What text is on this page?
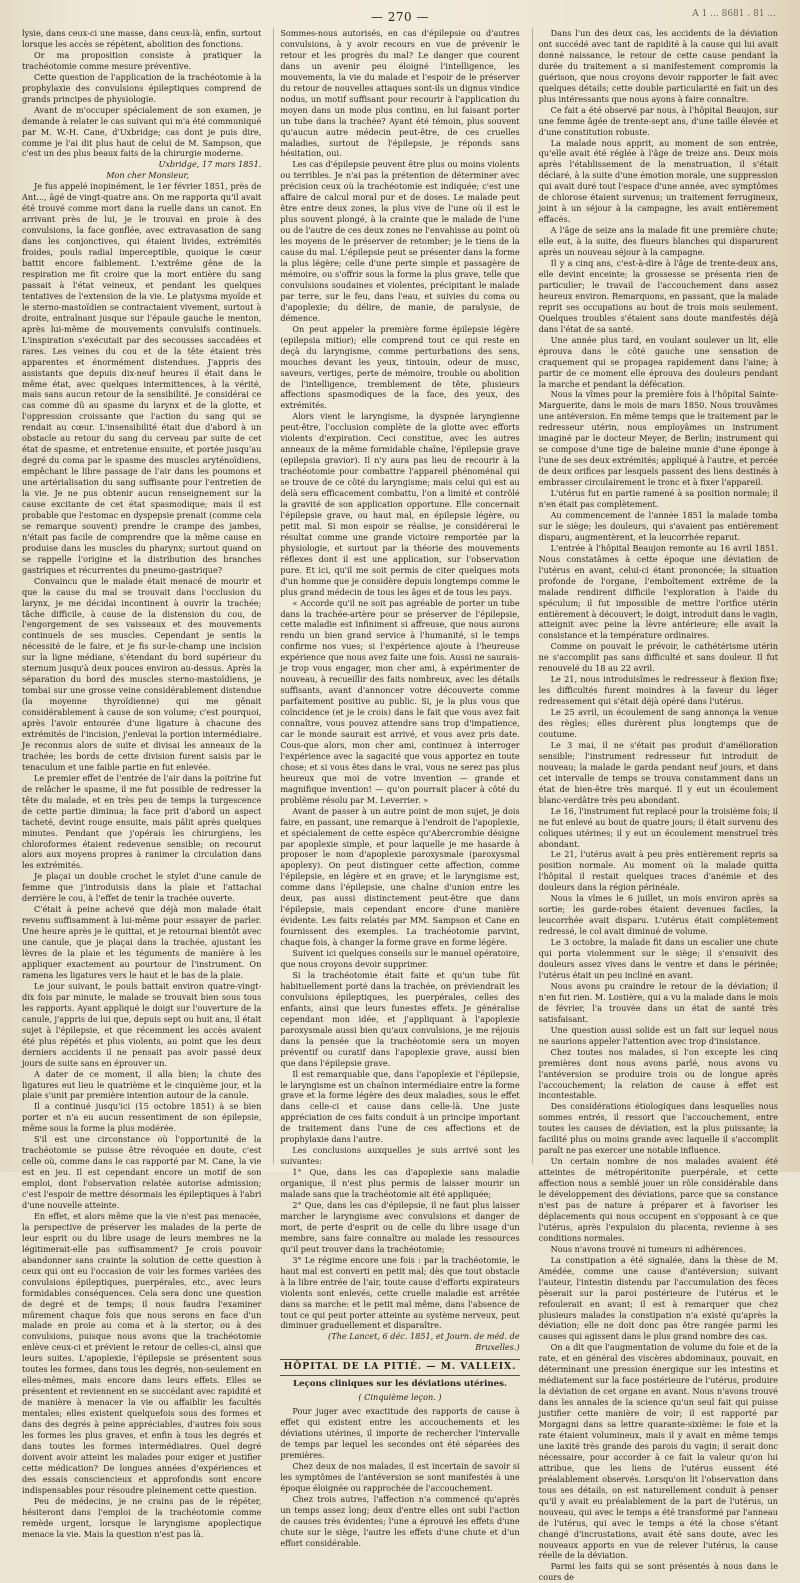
— 270 —	A 1 ... 8681 . 81 ...

lysie, dans ceux-ci une masse, dans ceux-là, enfin, surtout lorsque les accès se répètent, abolition des fonctions.

Or ma proposition consiste à pratiquer la trachéotomie comme mesure préventive.

Cette question de l'application de la trachéotomie à la prophylaxie des convulsions épileptiques comprend de grands principes de physiologie.

Avant de m'occuper spécialement de son examen, je demande à relater le cas suivant qui m'a été communiqué par M. W.-H. Cane, d'Uxbridge; cas dont je puis dire, comme je l'ai dit plus haut de celui de M. Sampson, que c'est un des plus beaux faits de la chirurgie moderne.

Uxbridge, 17 mars 1851.

Mon cher Monsieur,

Je fus appelé inopinément, le 1er février 1851, près de Ant..., âgé de vingt-quatre ans. On me rapporta qu'il avait été trouvé comme mort dans la ruelle dans un canot. En arrivant près de lui, je le trouvai en proie à des convulsions, la face gonflée, avec extravasation de sang dans les conjonctives, qui étaient livides, extrémités froides, pouls radial imperceptible, quoique le cœur battit encore faiblement. L'extrême gêne de la respiration me fit croire que la mort entière du sang passait à l'état veineux, et pendant les quelques tentatives de l'extension de la vie. Le platysma myoïde et le sterno-mastoïdien se contractaient vivement, surtout à droite, entraînant jusque sur l'épaule gauche le menton, après lui-même de mouvements convulsifs continuels. L'inspiration s'exécutait par des secousses saccadées et rares. Les veines du cou et de la tête étaient très apparentes et énormément distendues. J'appris des assistants que depuis dix-neuf heures il était dans le même état, avec quelques intermittences, à la vérité, mais sans aucun retour de la sensibilité. Je considérai ce cas comme dû au spasme du larynx et de la glotte, et l'oppression croissante que l'action du sang qui se rendait au cœur. L'insensibilité était due d'abord à un obstacle au retour du sang du cerveau par suite de cet état de spasme, et entretenue ensuite, et portée jusqu'au degré du coma par le spasme des muscles aryténoïdiens, empêchant le libre passage de l'air dans les poumons et une artérialisation du sang suffisante pour l'entretien de la vie. Je ne pus obtenir aucun renseignement sur la cause excitante de cet état spasmodique; mais il est probable que l'estomac en dyspepsie prenait (comme cela se remarque souvent) prendre le crampe des jambes, n'était pas facile de comprendre que la même cause en produise dans les muscles du pharynx; surtout quand on se rappelle l'origine et la distribution des branches gastriques et récurrentes du pneumo-gastrique?

Convaincu que le malade était menacé de mourir et que la cause du mal se trouvait dans l'occlusion du larynx, je me décidai incontinent à ouvrir la trachée; tâche difficile, à cause de la distension du cou, de l'engorgement de ses vaisseaux et des mouvements continuels de ses muscles. Cependant je sentis la nécessité de le faire, et je fis sur-le-champ une incision sur la ligne médiane, s'étendant du bord supérieur du sternum jusqu'à deux pouces environ au-dessus. Après la séparation du bord des muscles sterno-mastoïdiens, je tombai sur une grosse veine considérablement distendue (la moyenne thyroïdienne) qui me gênait considérablement à cause de son volume; c'est pourquoi, après l'avoir entourée d'une ligature à chacune des extrémités de l'incision, j'enlevai la portion intermédiaire. Je reconnus alors de suite et divisai les anneaux de la trachée; les bords de cette division furent saisis par le tenaculum et une faible partie en fut enlevée.

Le premier effet de l'entrée de l'air dans la poitrine fut de relâcher le spasme, il me fut possible de redresser la tête du malade, et en très peu de temps la turgescence de cette partie diminua; la face prit d'abord un aspect tacheté, devint rouge ensuite, mais pâlit après quelques minutes. Pendant que j'opérais les chirurgiens, les chloroformes étaient redevenue sensible; on recourut alors aux moyens propres à ranimer la circulation dans les extrémités.

Je plaçai un double crochet le stylet d'une canule de femme que j'introduisis dans la plaie et l'attachai derrière le cou, à l'effet de tenir la trachée ouverte.

C'était à peine achevé que déjà mon malade était revenu suffisamment à lui-même pour essayer de parler. Une heure après je le quittai, et je retournai bientôt avec une canule, que je plaçai dans la trachée, ajustant les lèvres de la plaie et les téguments de manière à les appliquer exactement au pourtour de l'instrument. On ramena les ligatures vers le haut et le bas de la plaie.

Le jour suivant, le pouls battait environ quatre-vingt-dix fois par minute, le malade se trouvait bien sous tous les rapports. Ayant appliqué le doigt sur l'ouverture de la canule, j'appris de lui que, depuis sept ou huit ans, il était sujet à l'épilepsie, et que récemment les accès avaient été plus répétés et plus violents, au point que les deux derniers accidents il ne pensait pas avoir passé deux jours de suite sans en éprouver un.

A dater de ce moment, il alla bien; la chute des ligatures eut lieu le quatrième et le cinquième jour, et la plaie s'unit par première intention autour de la canule.

Il a continué jusqu'ici (15 octobre 1851) à se bien porter et n'a eu aucun ressentiment de son épilepsie, même sous la forme la plus modérée.

S'il est une circonstance où l'opportunité de la trachéotomie se puisse être révoquée en doute, c'est celle où, comme dans le cas rapporté par M. Cane, la vie est en jeu. Il est cependant encore un motif de son emploi, dont l'observation relatée autorise admission; c'est l'espoir de mettre désormais les épileptiques à l'abri d'une nouvelle atteinte.

En effet, et alors même que la vie n'est pas menacée, la perspective de préserver les malades de la perte de leur esprit ou du libre usage de leurs membres ne la légitimerait-elle pas suffisamment? Je crois pouvoir abandonner sans crainte la solution de cette question à ceux qui ont eu l'occasion de voir les formes variées des convulsions épileptiques, puerpérales, etc., avec leurs formidables conséquences. Cela sera donc une question de degré et de temps; il nous faudra l'examiner mûrement chaque fois que nous serons en face d'un malade en proie au coma et à la stertor, ou à des convulsions, puisque nous avons que la trachéotomie enlève ceux-ci et prévient le retour de celles-ci, ainsi que leurs suites. L'apoplexie, l'épilepsie se présentent sous toutes les formes, dans tous les degrés, non-seulement en elles-mêmes, mais encore dans leurs effets. Elles se présentent et reviennent en se succédant avec rapidité et de manière à menacer la vie ou affaiblir les facultés mentales; elles existent quelquefois sous des formes et dans des degrés à peine appréciables, d'autres fois sous les formes les plus graves, et enfin à tous les degrés et dans toutes les formes intermédiaires. Quel degré doivent avoir atteint les malades pour exiger et justifier cette médication? De longues années d'expériences et des essais consciencieux et approfondis sont encore indispensables pour résoudre pleinement cette question.

Peu de médecins, je ne crains pas de le répéter, hésiteront dans l'emploi de la trachéotomie comme remède urgent, lorsque le laryngisme apoplectique menace la vie. Mais la question n'est pas là.

Sommes-nous autorisés, en cas d'épilepsie ou d'autres convulsions, à y avoir recours en vue de prévenir le retour et les progrès du mal? Le danger que courent dans un avenir peu éloigné l'intelligence, les mouvements, la vie du malade et l'espoir de le préserver du retour de nouvelles attaques sont-ils un dignus vindice nodus, un motif suffisant pour recourir à l'application du moyen dans un mode plus continu, en lui faisant porter un tube dans la trachée? Ayant été témoin, plus souvent qu'aucun autre médecin peut-être, de ces cruelles maladies, surtout de l'épilepsie, je réponds sans hésitation, oui.

Les cas d'épilepsie peuvent être plus ou moins violents ou terribles. Je n'ai pas la prétention de déterminer avec précision ceux où la trachéotomie est indiquée; c'est une affaire de calcul moral pur et de doses. Le malade peut être entre deux zones, la plus vive de l'une où il est le plus souvent plongé, à la crainte que le malade de l'une ou de l'autre de ces deux zones ne l'envahisse au point où les moyens de le préserver de retomber; je le tiens de la cause du mal. L'épilepsie peut se présenter dans la forme la plus légère; celle d'une perte simple et passagère de mémoire, ou s'offrir sous la forme la plus grave, telle que convulsions soudaines et violentes, précipitant le malade par terre, sur le feu, dans l'eau, et suivies du coma ou d'apoplexie; du délire, de manie, de paralysie, de démence.

On peut appeler la première forme épilepsie légère (epilepsia mitior); elle comprend tout ce qui reste en deçà du laryngisme, comme perturbations des sens, mouches devant les yeux, tintouin, odeur de musc, saveurs, vertiges, perte de mémoire, trouble ou abolition de l'intelligence, tremblement de tête, plusieurs affections spasmodiques de la face, des yeux, des extrémités.

Alors vient le laryngisme, la dyspnée laryngienne peut-être, l'occlusion complète de la glotte avec efforts violents d'expiration. Ceci constitue, avec les autres anneaux de la même formidable chaîne, l'épilepsie grave (epilepsia gravior). Il n'y aura pas lieu de recourir à la trachéotomie pour combattre l'appareil phénoménal qui se trouve de ce côté du laryngisme; mais celui qui est au delà sera efficacement combattu, l'on a limité et contrôlé la gravité de son application opportune. Elle concernait l'épilepsie grave, ou haut mal, en épilepsie légère, ou petit mal. Si mon espoir se réalise, je considérerai le résultat comme une grande victoire remportée par la physiologie, et surtout par la théorie des mouvements réflexes dont il est une application, sur l'observation pure. Et ici, qu'il me soit permis de citer quelques mots d'un homme que je considère depuis longtemps comme le plus grand médecin de tous les âges et de tous les pays.

« Accorde qu'il ne soit pas agréable de porter un tube dans la trachée-artère pour se préserver de l'épilepsie, cette maladie est infiniment si affreuse, que nous aurons rendu un bien grand service à l'humanité, si le temps confirme nos vues; si l'expérience ajoute à l'heureuse expérience que nous avez faite une fois. Aussi ne saurais-je trop vous engager, mon cher ami, à expérimenter de nouveau, à recueillir des faits nombreux, avec les détails suffisants, avant d'annoncer votre découverte comme parfaitement positive au public. Si, je la plus vous que coïncidence (et je le crois) dans le fait que vous avez fait connaître, vous pouvez attendre sans trop d'impatience, car le monde saurait est arrivé, et vous avez pris date. Cous-que alors, mon cher ami, continuez à interroger l'expérience avec la sagacité que vous apportez en toute chose; et si vous êtes dans le vrai, vous ne serez pas plus heureux que moi de votre invention — grande et magnifique invention! — qu'on pourrait placer à côté du problème résolu par M. Leverrier. »

Avant de passer à un autre point de mon sujet, je dois faire, en passant, une remarque à l'endroit de l'apoplexie, et spécialement de cette espèce qu'Abercrombie désigne par apoplexie simple, et pour laquelle je me hasarde à proposer le nom d'apoplexie paroxysmale (paroxysmal apoplexy). On peut distinguer cette affection, comme l'épilepsie, en légère et en grave; et le laryngisme est, comme dans l'épilepsie, une chaîne d'union entre les deux, pas aussi distinctement peut-être que dans l'épilepsie, mais cependant encore d'une manière évidente. Les faits relatés par MM. Sampson et Cane en fournissent des exemples. La trachéotomie parvint, chaque fois, à changer la forme grave en forme légère.

Suivent ici quelques conseils sur le manuel opératoire, que nous croyons devoir supprimer.

Si la trachéotomie était faite et qu'un tube fût habituellement porté dans la trachée, on préviendrait les convulsions épileptiques, les puerpérales, celles des enfants, ainsi que leurs funestes effets. Je généralise cependant mon idée, et j'appliquant à l'apoplexie paroxysmale aussi bien qu'aux convulsions, je me réjouis dans la pensée que la trachéotomie sera un moyen préventif ou curatif dans l'apoplexie grave, aussi bien que dans l'épilepsie grave.

Il est remarquable que, dans l'apoplexie et l'épilepsie, le laryngisme est un chaînon intermédiaire entre la forme grave et la forme légère des deux maladies, sous le effet dans celle-ci et cause dans celle-là. Une juste appréciation de ces faits conduit à un principe important de traitement dans l'une de ces affections et de prophylaxie dans l'autre.

Les conclusions auxquelles je suis arrivé sont les suivantes:

1° Que, dans les cas d'apoplexie sans maladie organique, il n'est plus permis de laisser mourir un malade sans que la trachéotomie ait été appliquée;

2° Que, dans les cas d'épilepsie, il ne faut plus laisser marcher le laryngisme avec convulsions et danger de mort, de perte d'esprit ou de celle du libre usage d'un membre, sans faire connaître au malade les ressources qu'il peut trouver dans la trachéotomie;

3° Le régime encore une fois : par la trachéotomie, le haut mal est converti en petit mal; dès que tout obstacle à la libre entrée de l'air, toute cause d'efforts expirateurs violents sont enlevés, cette cruelle maladie est arrêtée dans sa marche: et le petit mal même, dans l'absence de tout ce qui peut porter atteinte au système nerveux, peut diminuer graduellement et disparaître.

(The Lancet, 6 déc. 1851, et Journ. de méd. de Bruxelles.)

HÔPITAL DE LA PITIÉ. — M. VALLEIX.
Leçons cliniques sur les déviations utérines.
( Cinquième leçon. )

Pour juger avec exactitude des rapports de cause à effet qui existent entre les accouchements et les déviations utérines, il importe de rechercher l'intervalle de temps par lequel les secondes ont été séparées des premières.

Chez deux de nos malades, il est incertain de savoir si les symptômes de l'antéversion se sont manifestés à une époque éloignée ou rapprochée de l'accouchement.

Chez trois autres, l'affection n'a commencé qu'après un temps assez long; deux d'entre elles ont subi l'action de causes très évidentes; l'une a éprouvé les effets d'une chute sur le siège, l'autre les effets d'une chute et d'un effort considérable.

Dans l'un des deux cas, les accidents de la déviation ont succédé avec tant de rapidité à la cause qui lui avait donné naissance, le retour de cette cause pendant la durée du traitement a si manifestement compromis la guérison, que nous croyons devoir rapporter le fait avec quelques détails; cette double particularité en fait un des plus intéressants que nous ayons à faire connaître.

Ce fait a été observé par nous, à l'hôpital Beaujon, sur une femme âgée de trente-sept ans, d'une taille élevée et d'une constitution robuste.

La malade nous apprit, au moment de son entrée, qu'elle avait été réglée à l'âge de treize ans. Deux mois après l'établissement de la menstruation, il s'était déclaré, à la suite d'une émotion morale, une suppression qui avait duré tout l'espace d'une année, avec symptômes de chlorose étaient survenus; un traitement ferrugineux, joint à un séjour à la campagne, les avait entièrement effacés.

A l'âge de seize ans la malade fit une première chute; elle eut, à la suite, des flueurs blanches qui disparurent après un nouveau séjour à la campagne.

Il y a cinq ans, c'est-à-dire à l'âge de trente-deux ans, elle devint enceinte; la grossesse se présenta rien de particulier; le travail de l'accouchement dans assez heureux environ. Remarquons, en passant, que la malade reprit ses occupations au bout de trois mois seulement. Quelques troubles s'étaient sans doute manifestés déjà dans l'état de sa santé.

Une année plus tard, en voulant soulever un lit, elle éprouva dans le côté gauche une sensation de craquement qui se propagea rapidement dans l'aine; à partir de ce moment elle éprouva des douleurs pendant la marche et pendant la défécation.

Nous la vîmes pour la première fois à l'hôpital Sainte-Marguerite, dans le mois de mars 1850. Nous trouvâmes une antéversion. En même temps que le traitement par le redresseur utérin, nous employâmes un instrument imaginé par le docteur Meyer, de Berlin; instrument qui se compose d'une tige de baleine munie d'une éponge à l'une de ses deux extrémités; appliqué à l'autre, et percée de deux orifices par lesquels passent des liens destinés à embrasser circulairement le tronc et à fixer l'appareil.

L'utérus fut en partie ramené à sa position normale; il n'en était pas complètement.

Au commencement de l'année 1851 la malade tomba sur le siège; les douleurs, qui s'avaient pas entièrement disparu, augmentèrent, et la leucorrhée reparut.

L'entrée à l'hôpital Beaujon remonte au 16 avril 1851. Nous constatâmes à cette époque une déviation de l'utérus en avant, celui-ci étant prononcée; la situation profonde de l'organe, l'emboîtement extrême de la malade rendirent difficile l'exploration à l'aide du spéculum; il fut impossible de mettre l'orifice utérin entièrement à découvert; le doigt, introduit dans le vagin, atteignit avec peine la lèvre antérieure; elle avait la consistance et la température ordinaires.

Comme on pouvait le prévoir, le cathétérisme utérin ne s'accomplit pas sans difficulté et sans douleur. Il fut renouvelé du 18 au 22 avril.

Le 21, nous introduisîmes le redresseur à flexion fixe; les difficultés furent moindres à la faveur du léger redressement qui s'était déjà opéré dans l'utérus.

Le 25 avril, un écoulement de sang annonça la venue des règles; elles durèrent plus longtemps que de coutume.

Le 3 mai, il ne s'était pas produit d'amélioration sensible; l'instrument redresseur fut introduit de nouveau; la malade le garda pendant neuf jours, et dans cet intervalle de temps se trouva constamment dans un état de bien-être très marqué. Il y eut un écoulement blanc-verdâtre très peu abondant.

Le 16, l'instrument fut replacé pour la troisième fois; il ne fut enlevé au bout de quatre jours; il était survenu des coliques utérines; il y eut un écoulement menstruel très abondant.

Le 21, l'utérus avait à peu près entièrement repris sa position normale. Au moment où la malade quitta l'hôpital il restait quelques traces d'anémie et des douleurs dans la région périnéale.

Nous la vîmes le 6 juillet, un mois environ après sa sortie; les garde-robes étaient devenues faciles, la leucorrhée avait disparu. L'utérus était complètement redressé, le col avait diminué de volume.

Le 3 octobre, la malade fit dans un escalier une chute qui porta violemment sur le siège; il s'ensuivit des douleurs assez vives dans le ventre et dans le périnée; l'utérus était un peu incliné en avant.

Nous avons pu craindre le retour de la déviation; il n'en fut rien. M. Lostière, qui a vu la malade dans le mois de février, l'a trouvée dans un état de santé très satisfaisant.

Une question aussi solide est un fait sur lequel nous ne saurions appeler l'attention avec trop d'insistance.

Chez toutes nos malades, si l'on excepte les cinq premières dont nous avons parlé, nous avons vu l'antéversion se produire trois ou de longue après l'accouchement; la relation de cause à effet est incontestable.

Des considérations étiologiques dans lesquelles nous sommes entrés, il ressort que l'accouchement, entre toutes les causes de déviation, est la plus puissante; la facilité plus ou moins grande avec laquelle il s'accomplit paraît ne pas exercer une notable influence.

Un certain nombre de nos malades avaient été atteintes de métropéritonite puerpérale, et cette affection nous a semblé jouer un rôle considérable dans le développement des déviations, parce que sa constance n'est pas de nature à préparer et à favoriser les déplacements qui nous occupent en s'opposant à ce que l'utérus, après l'expulsion du placenta, revienne à ses conditions normales.

Nous n'avons trouvé ni tumeurs ni adhérences.

La constipation a été signalée, dans la thèse de M. Amédée, comme une cause d'antéversion; suivant l'auteur, l'intestin distendu par l'accumulation des fèces pèserait sur la paroi postérieure de l'utérus et le refoulerait en avant; il est à remarquer que chez plusieurs malades la constipation n'a existé qu'après la déviation; elle ne doit donc pas être rangée parmi les causes qui agissent dans le plus grand nombre des cas.

On a dit que l'augmentation de volume du foie et de la rate, et en général des viscères abdominaux, pouvait, en déterminant une pression énergique sur les intestins et médiatement sur la face postérieure de l'utérus, produire la déviation de cet organe en avant. Nous n'avons trouvé dans les annales de la science qu'un seul fait qui puisse justifier cette manière de voir; il est rapporté par Morgagni dans sa lettre quarante-sixième: le foie et la rate étaient volumineux, mais il y avait en même temps une laxité très grande des parois du vagin; il serait donc nécessaire, pour accorder à ce fait la valeur qu'on lui attribue, que les liens de l'utérus eussent été préalablement observés. Lorsqu'on lit l'observation dans tous ses détails, on est naturellement conduit à penser qu'il y avait eu préalablement de la part de l'utérus, un nouveau, qui avec le temps a été transformé par l'anneau de l'utérus, qui avec le temps a été la chose s'étant changé d'incrustations, avait été sans doute, avec les nouveaux apports en vue de relever l'utérus, la cause réelle de la déviation.

Parmi les faits qui se sont présentés à nous dans le cours de
